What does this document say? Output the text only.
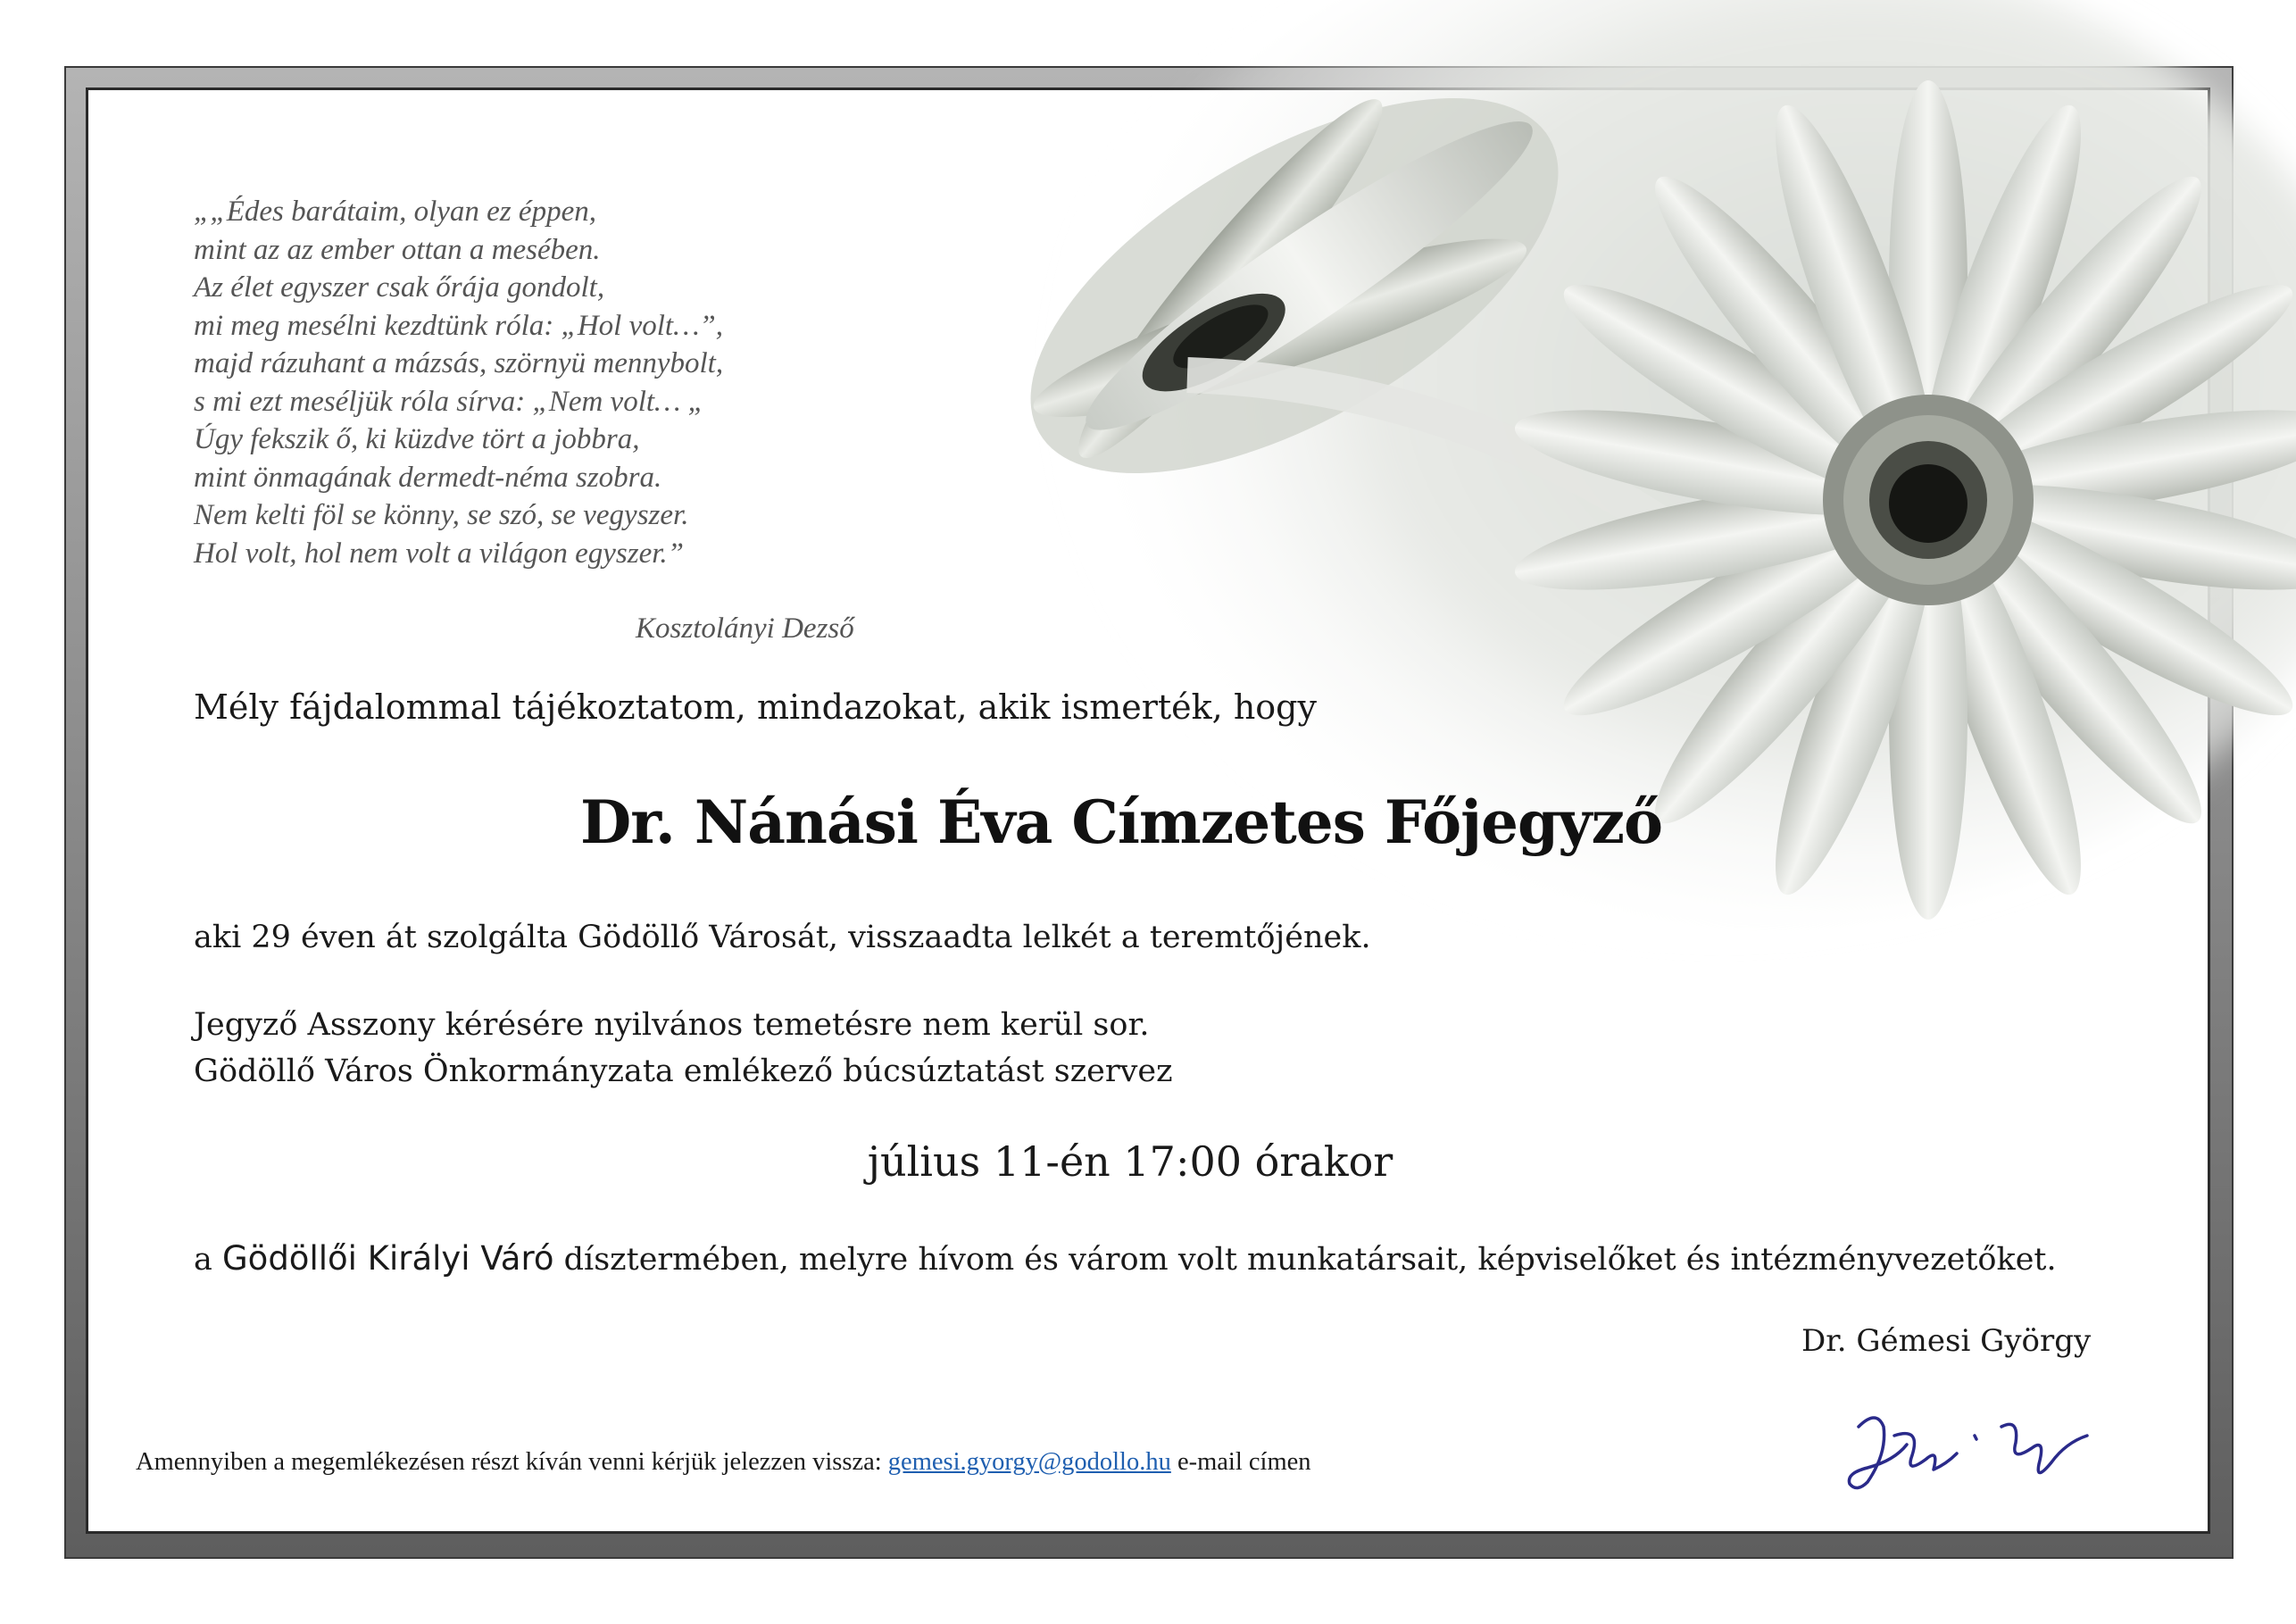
„„Édes barátaim, olyan ez éppen,
mint az az ember ottan a mesében.
Az élet egyszer csak őrája gondolt,
mi meg mesélni kezdtünk róla: „Hol volt…”,
majd rázuhant a mázsás, szörnyü mennybolt,
s mi ezt meséljük róla sírva: „Nem volt… „
Úgy fekszik ő, ki küzdve tört a jobbra,
mint önmagának dermedt-néma szobra.
Nem kelti föl se könny, se szó, se vegyszer.
Hol volt, hol nem volt a világon egyszer.”
Kosztolányi Dezső
Mély fájdalommal tájékoztatom, mindazokat, akik ismerték, hogy
Dr. Nánási Éva Címzetes Főjegyző
aki 29 éven át szolgálta Gödöllő Városát, visszaadta lelkét a teremtőjének.
Jegyző Asszony kérésére nyilvános temetésre nem kerül sor.
Gödöllő Város Önkormányzata emlékező búcsúztatást szervez
július 11-én 17:00 órakor
a Gödöllői Királyi Váró dísztermében, melyre hívom és várom volt munkatársait, képviselőket és intézményvezetőket.
Dr. Gémesi György
Amennyiben a megemlékezésen részt kíván venni kérjük jelezzen vissza: gemesi.gyorgy@godollo.hu e-mail címen
